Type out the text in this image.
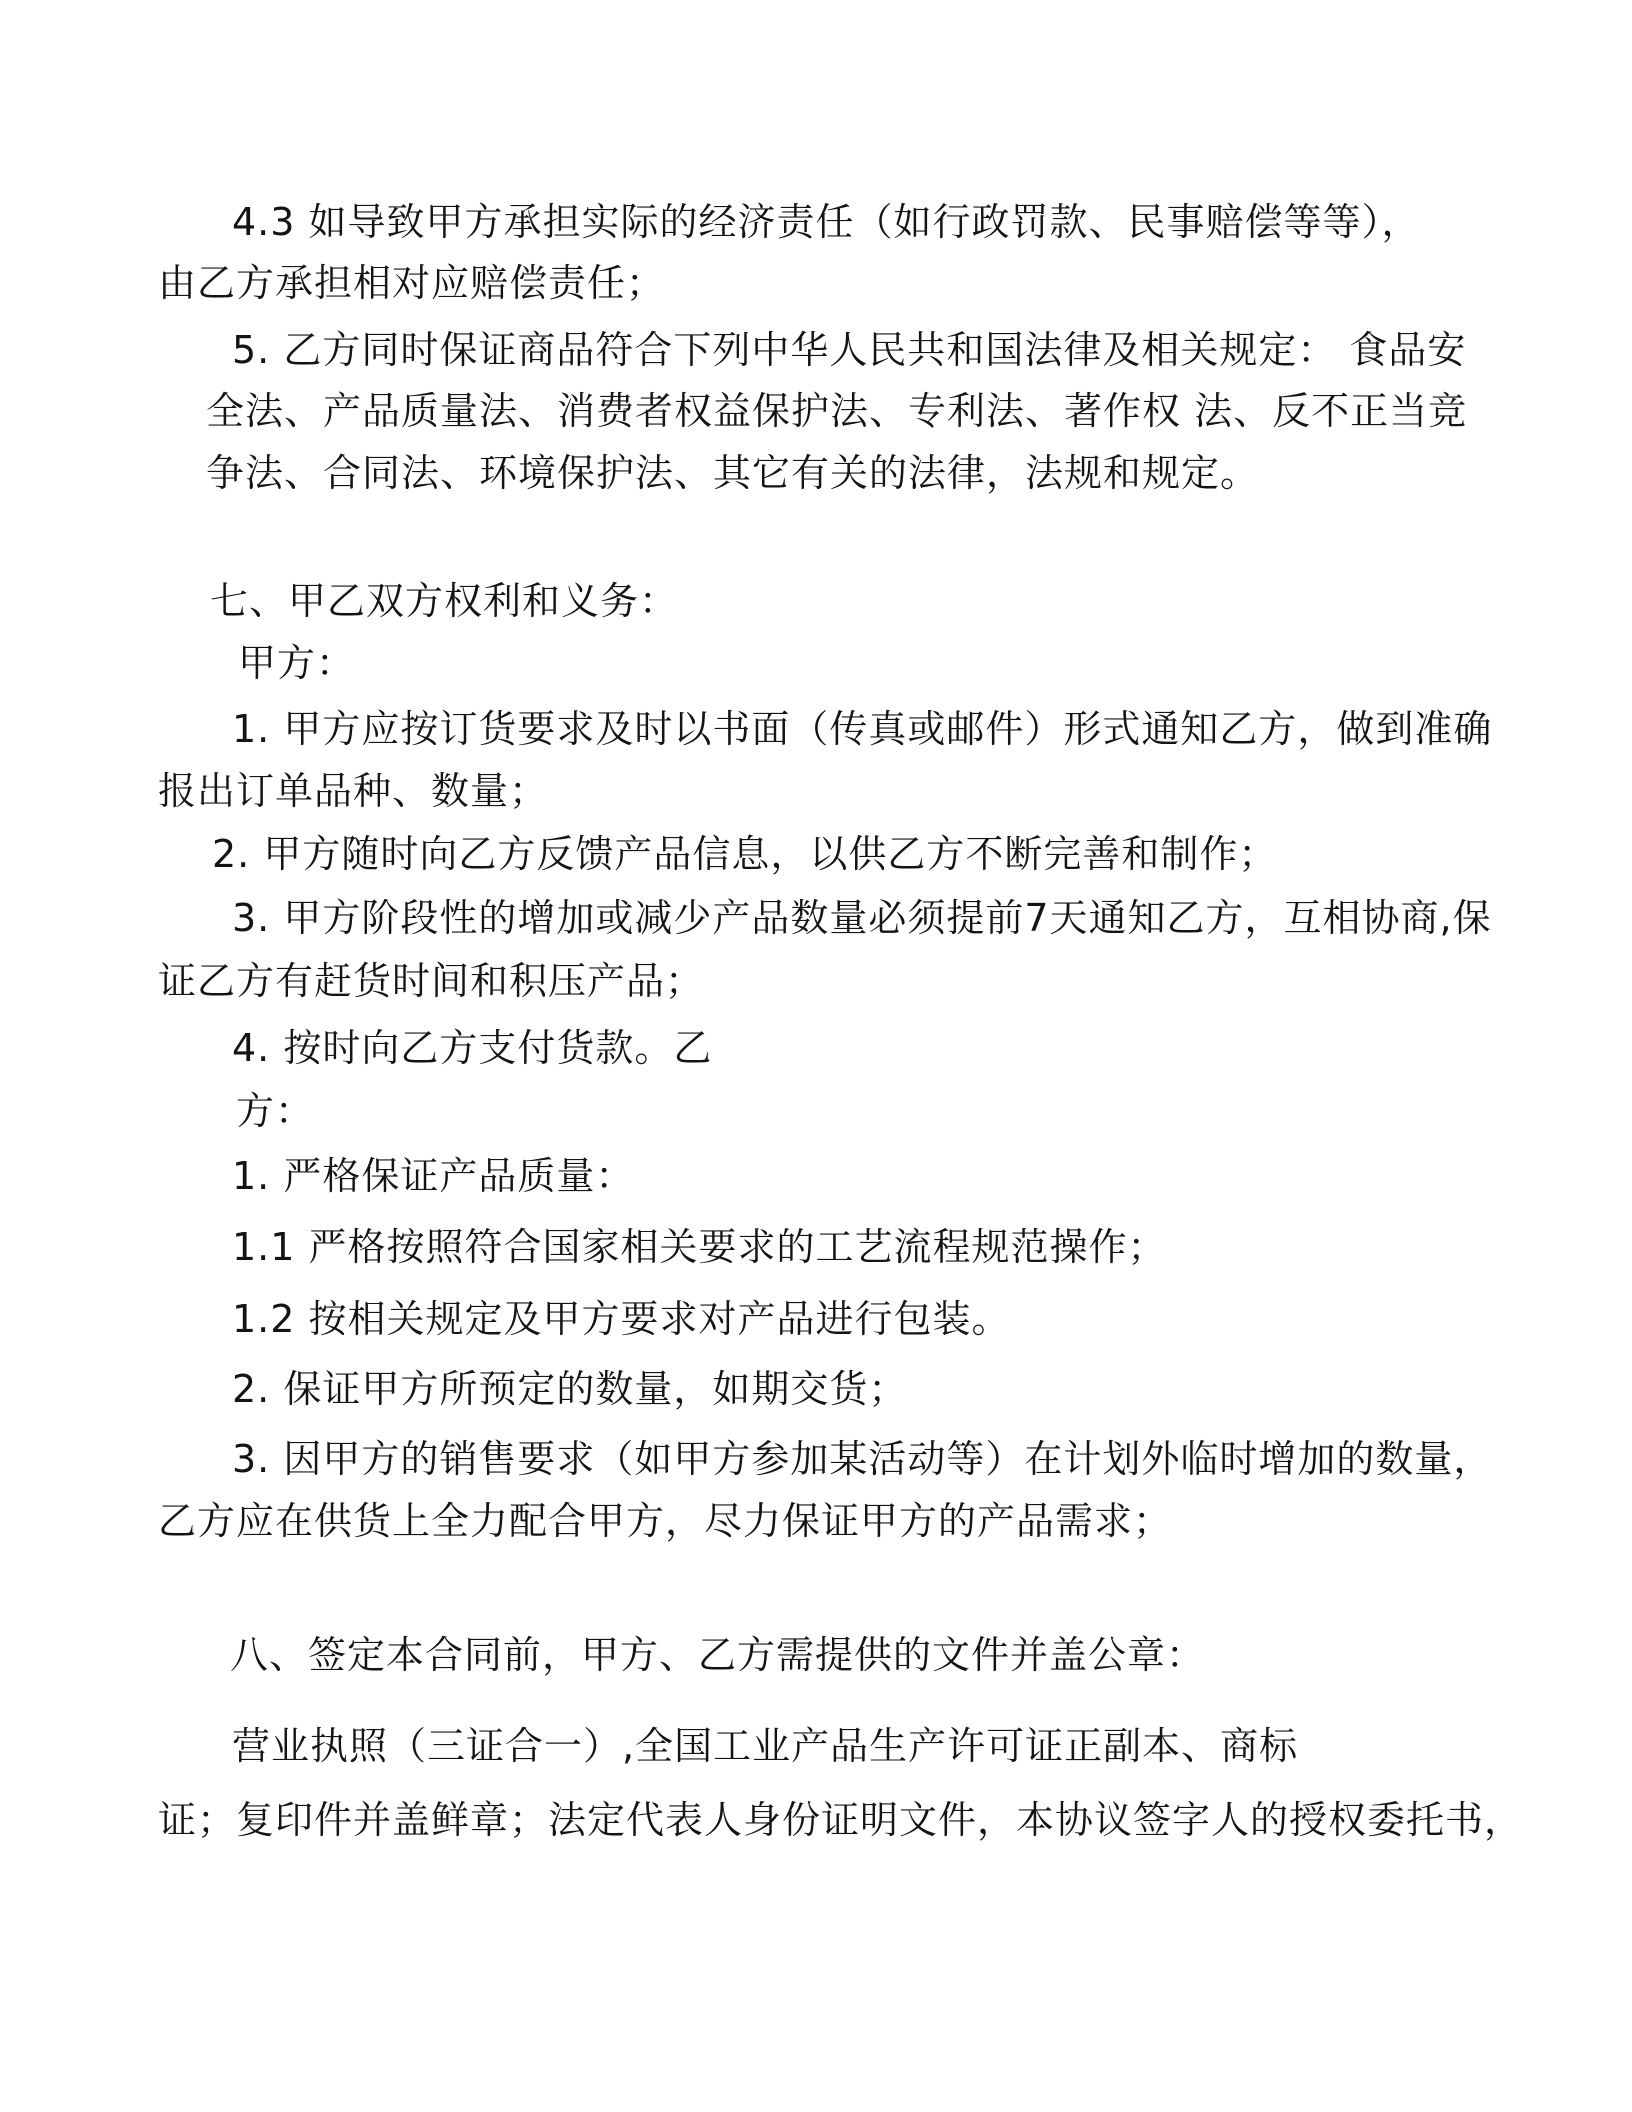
4.3 如导致甲方承担实际的经济责任（如行政罚款、民事赔偿等等），

由乙方承担相对应赔偿责任；

5. 乙方同时保证商品符合下列中华人民共和国法律及相关规定： 食品安

全法、产品质量法、消费者权益保护法、专利法、著作权 法、反不正当竞

争法、合同法、环境保护法、其它有关的法律，法规和规定。

七、甲乙双方权利和义务：

甲方：

1. 甲方应按订货要求及时以书面（传真或邮件）形式通知乙方，做到准确

报出订单品种、数量；

2. 甲方随时向乙方反馈产品信息，以供乙方不断完善和制作；

3. 甲方阶段性的增加或减少产品数量必须提前7天通知乙方，互相协商,保

证乙方有赶货时间和积压产品；

4. 按时向乙方支付货款。乙

方：

1. 严格保证产品质量：

1.1 严格按照符合国家相关要求的工艺流程规范操作；

1.2 按相关规定及甲方要求对产品进行包装。

2. 保证甲方所预定的数量，如期交货；

3. 因甲方的销售要求（如甲方参加某活动等）在计划外临时增加的数量，

乙方应在供货上全力配合甲方，尽力保证甲方的产品需求；

八、签定本合同前，甲方、乙方需提供的文件并盖公章：

营业执照（三证合一）,全国工业产品生产许可证正副本、商标

证；复印件并盖鲜章；法定代表人身份证明文件，本协议签字人的授权委托书，
